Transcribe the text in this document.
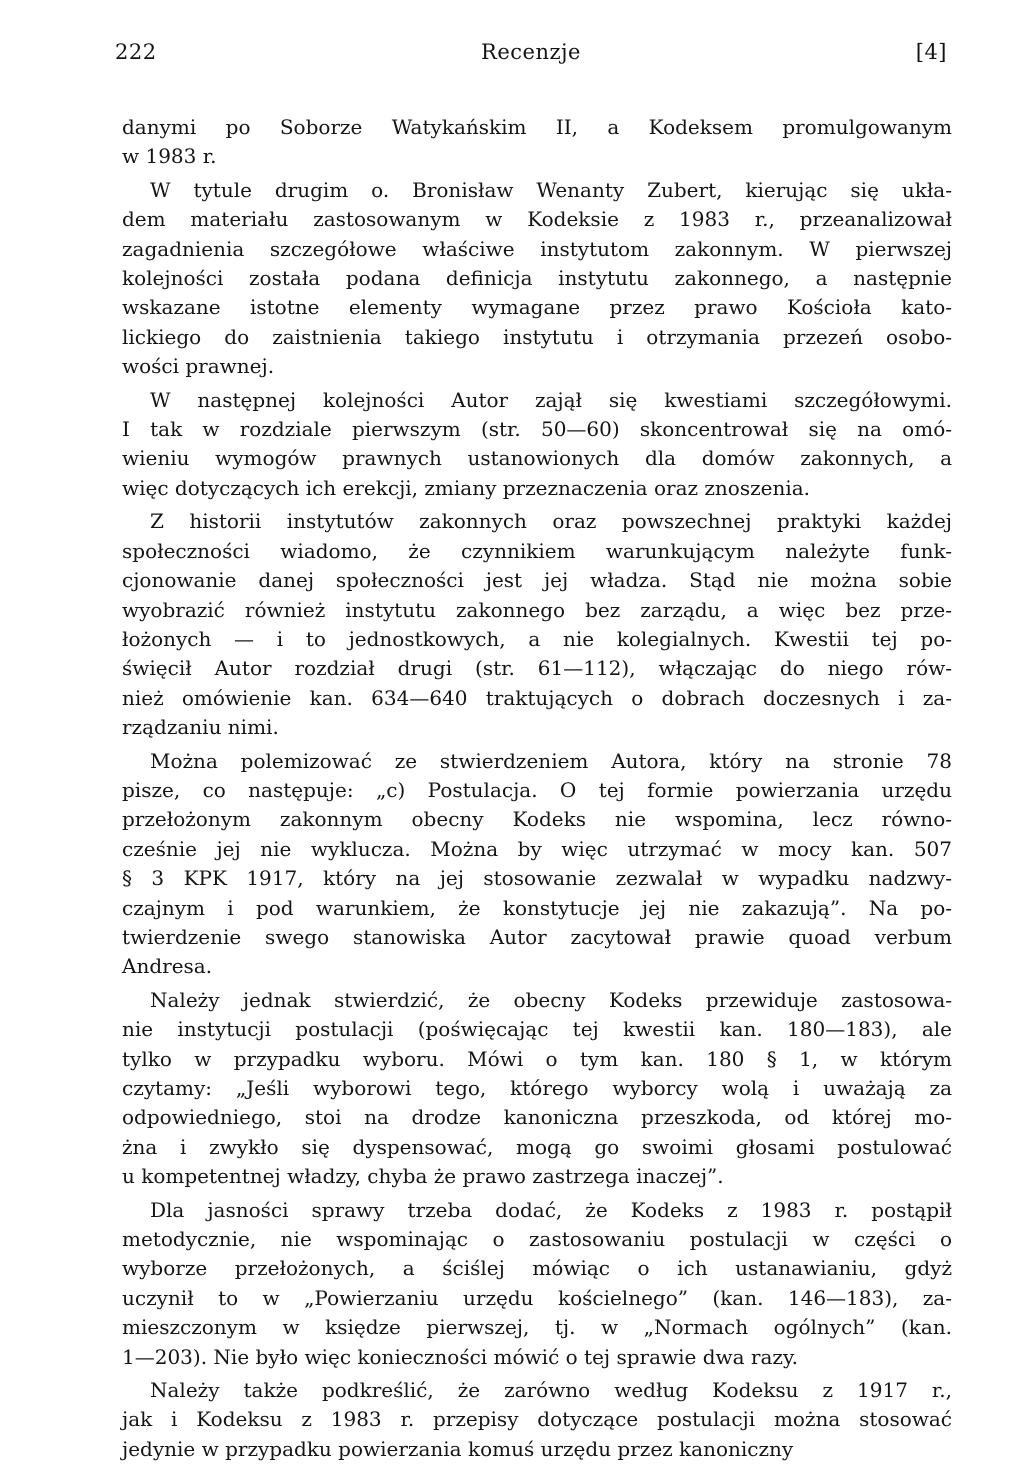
222	Recenzje	[4]
danymi po Soborze Watykańskim II, a Kodeksem promulgowanym
w 1983 r.
W tytule drugim o. Bronisław Wenanty Zubert, kierując się ukła-
dem materiału zastosowanym w Kodeksie z 1983 r., przeanalizował
zagadnienia szczegółowe właściwe instytutom zakonnym. W pierwszej
kolejności została podana definicja instytutu zakonnego, a następnie
wskazane istotne elementy wymagane przez prawo Kościoła kato-
lickiego do zaistnienia takiego instytutu i otrzymania przezeń osobo-
wości prawnej.
W następnej kolejności Autor zajął się kwestiami szczegółowymi.
I tak w rozdziale pierwszym (str. 50—60) skoncentrował się na omó-
wieniu wymogów prawnych ustanowionych dla domów zakonnych, a
więc dotyczących ich erekcji, zmiany przeznaczenia oraz znoszenia.
Z historii instytutów zakonnych oraz powszechnej praktyki każdej
społeczności wiadomo, że czynnikiem warunkującym należyte funk-
cjonowanie danej społeczności jest jej władza. Stąd nie można sobie
wyobrazić również instytutu zakonnego bez zarządu, a więc bez prze-
łożonych — i to jednostkowych, a nie kolegialnych. Kwestii tej po-
święcił Autor rozdział drugi (str. 61—112), włączając do niego rów-
nież omówienie kan. 634—640 traktujących o dobrach doczesnych i za-
rządzaniu nimi.
Można polemizować ze stwierdzeniem Autora, który na stronie 78
pisze, co następuje: „c) Postulacja. O tej formie powierzania urzędu
przełożonym zakonnym obecny Kodeks nie wspomina, lecz równo-
cześnie jej nie wyklucza. Można by więc utrzymać w mocy kan. 507
§ 3 KPK 1917, który na jej stosowanie zezwalał w wypadku nadzwy-
czajnym i pod warunkiem, że konstytucje jej nie zakazują”. Na po-
twierdzenie swego stanowiska Autor zacytował prawie quoad verbum
Andresa.
Należy jednak stwierdzić, że obecny Kodeks przewiduje zastosowa-
nie instytucji postulacji (poświęcając tej kwestii kan. 180—183), ale
tylko w przypadku wyboru. Mówi o tym kan. 180 § 1, w którym
czytamy: „Jeśli wyborowi tego, którego wyborcy wolą i uważają za
odpowiedniego, stoi na drodze kanoniczna przeszkoda, od której mo-
żna i zwykło się dyspensować, mogą go swoimi głosami postulować
u kompetentnej władzy, chyba że prawo zastrzega inaczej”.
Dla jasności sprawy trzeba dodać, że Kodeks z 1983 r. postąpił
metodycznie, nie wspominając o zastosowaniu postulacji w części o
wyborze przełożonych, a ściślej mówiąc o ich ustanawianiu, gdyż
uczynił to w „Powierzaniu urzędu kościelnego” (kan. 146—183), za-
mieszczonym w księdze pierwszej, tj. w „Normach ogólnych” (kan.
1—203). Nie było więc konieczności mówić o tej sprawie dwa razy.
Należy także podkreślić, że zarówno według Kodeksu z 1917 r.,
jak i Kodeksu z 1983 r. przepisy dotyczące postulacji można stosować
jedynie w przypadku powierzania komuś urzędu przez kanoniczny
